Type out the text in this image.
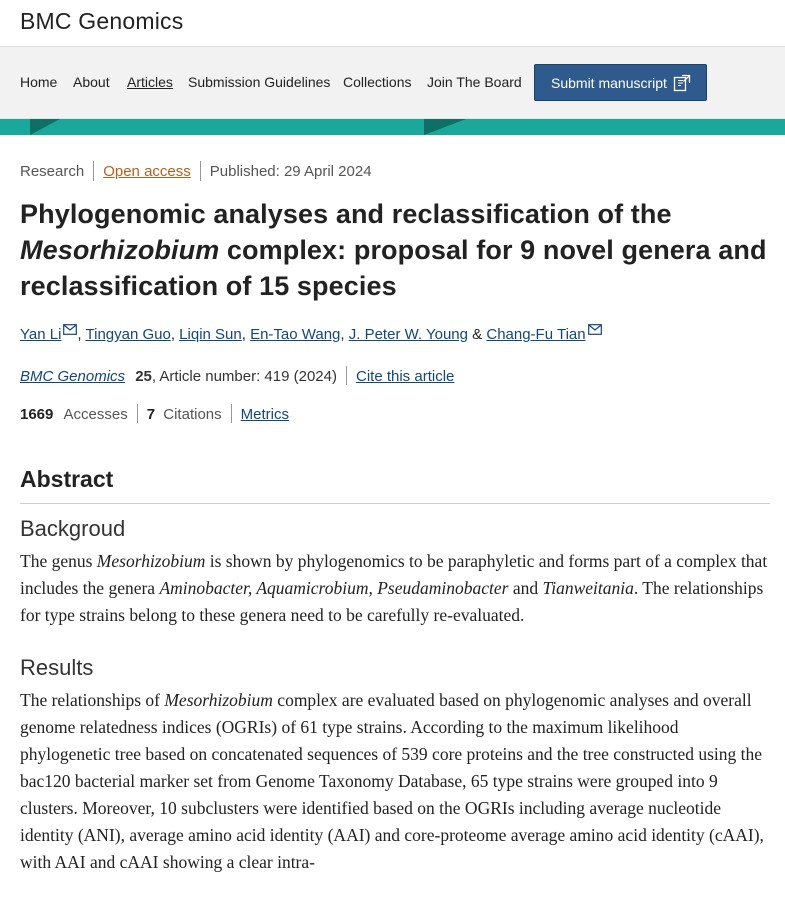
BMC Genomics
Home About Articles Submission Guidelines Collections Join The Board Submit manuscript
Research Open access Published: 29 April 2024
Phylogenomic analyses and reclassification of the Mesorhizobium complex: proposal for 9 novel genera and reclassification of 15 species
Yan Li , Tingyan Guo, Liqin Sun, En-Tao Wang, J. Peter W. Young & Chang-Fu Tian
BMC Genomics 25, Article number: 419 (2024) Cite this article
1669 Accesses 7 Citations Metrics
Abstract
Backgroud

The genus Mesorhizobium is shown by phylogenomics to be paraphyletic and forms part of a complex that includes the genera Aminobacter, Aquamicrobium, Pseudaminobacter and Tianweitania. The relationships for type strains belong to these genera need to be carefully re-evaluated.

Results

The relationships of Mesorhizobium complex are evaluated based on phylogenomic analyses and overall genome relatedness indices (OGRIs) of 61 type strains. According to the maximum likelihood phylogenetic tree based on concatenated sequences of 539 core proteins and the tree constructed using the bac120 bacterial marker set from Genome Taxonomy Database, 65 type strains were grouped into 9 clusters. Moreover, 10 subclusters were identified based on the OGRIs including average nucleotide identity (ANI), average amino acid identity (AAI) and core-proteome average amino acid identity (cAAI), with AAI and cAAI showing a clear intra-
